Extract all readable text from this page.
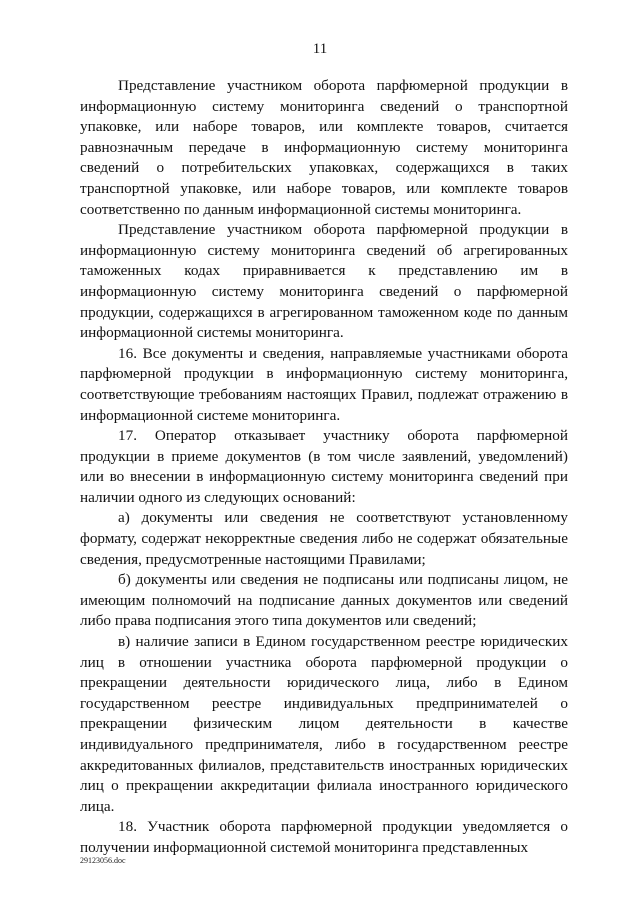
11

Представление участником оборота парфюмерной продукции в информационную систему мониторинга сведений о транспортной упаковке, или наборе товаров, или комплекте товаров, считается равнозначным передаче в информационную систему мониторинга сведений о потребительских упаковках, содержащихся в таких транспортной упаковке, или наборе товаров, или комплекте товаров соответственно по данным информационной системы мониторинга.

Представление участником оборота парфюмерной продукции в информационную систему мониторинга сведений об агрегированных таможенных кодах приравнивается к представлению им в информационную систему мониторинга сведений о парфюмерной продукции, содержащихся в агрегированном таможенном коде по данным информационной системы мониторинга.

16. Все документы и сведения, направляемые участниками оборота парфюмерной продукции в информационную систему мониторинга, соответствующие требованиям настоящих Правил, подлежат отражению в информационной системе мониторинга.

17. Оператор отказывает участнику оборота парфюмерной продукции в приеме документов (в том числе заявлений, уведомлений) или во внесении в информационную систему мониторинга сведений при наличии одного из следующих оснований:

а) документы или сведения не соответствуют установленному формату, содержат некорректные сведения либо не содержат обязательные сведения, предусмотренные настоящими Правилами;

б) документы или сведения не подписаны или подписаны лицом, не имеющим полномочий на подписание данных документов или сведений либо права подписания этого типа документов или сведений;

в) наличие записи в Едином государственном реестре юридических лиц в отношении участника оборота парфюмерной продукции о прекращении деятельности юридического лица, либо в Едином государственном реестре индивидуальных предпринимателей о прекращении физическим лицом деятельности в качестве индивидуального предпринимателя, либо в государственном реестре аккредитованных филиалов, представительств иностранных юридических лиц о прекращении аккредитации филиала иностранного юридического лица.

18. Участник оборота парфюмерной продукции уведомляется о получении информационной системой мониторинга представленных

29123056.doc
